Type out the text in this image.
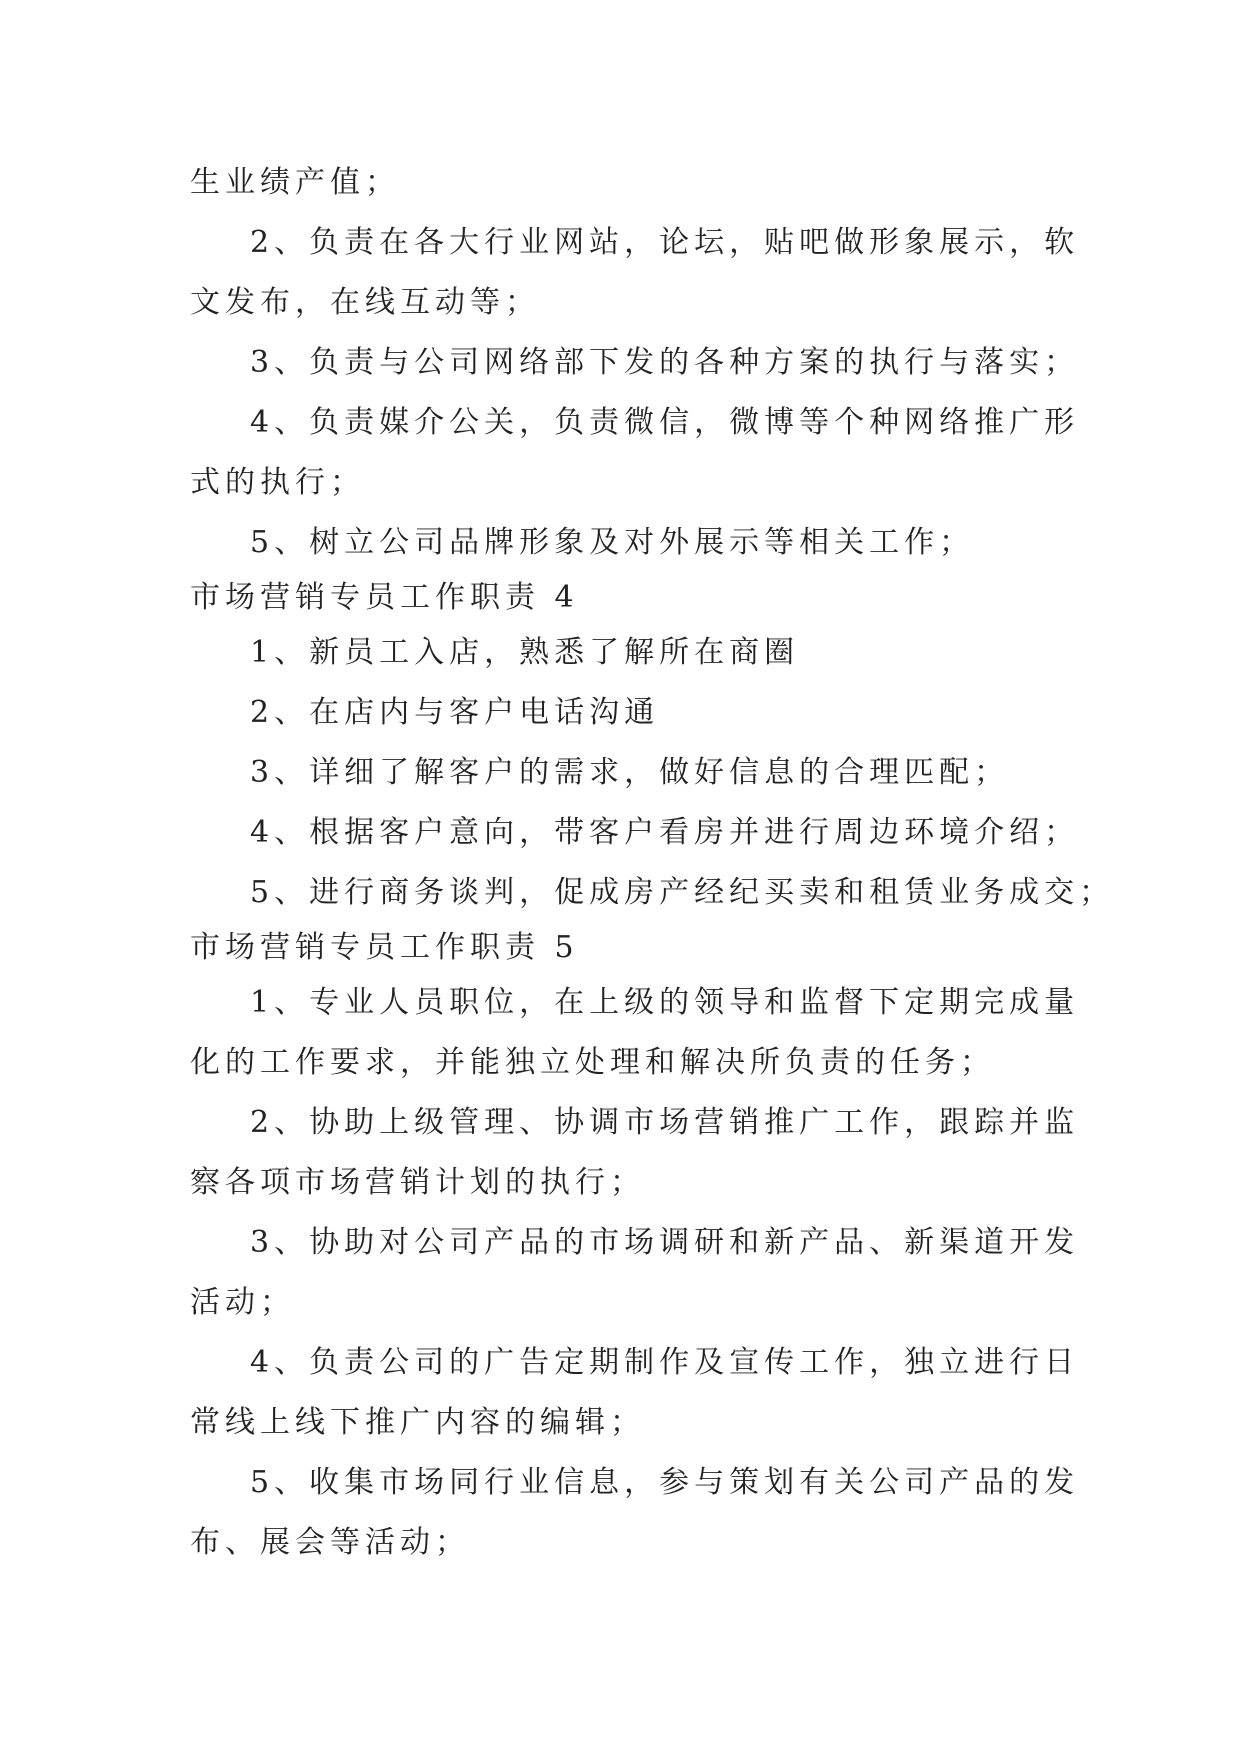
生业绩产值；
2、负责在各大行业网站，论坛，贴吧做形象展示，软
文发布，在线互动等；
3、负责与公司网络部下发的各种方案的执行与落实；
4、负责媒介公关，负责微信，微博等个种网络推广形
式的执行；
5、树立公司品牌形象及对外展示等相关工作；
市场营销专员工作职责 4
1、新员工入店，熟悉了解所在商圈
2、在店内与客户电话沟通
3、详细了解客户的需求，做好信息的合理匹配；
4、根据客户意向，带客户看房并进行周边环境介绍；
5、进行商务谈判，促成房产经纪买卖和租赁业务成交；
市场营销专员工作职责 5
1、专业人员职位，在上级的领导和监督下定期完成量
化的工作要求，并能独立处理和解决所负责的任务；
2、协助上级管理、协调市场营销推广工作，跟踪并监
察各项市场营销计划的执行；
3、协助对公司产品的市场调研和新产品、新渠道开发
活动；
4、负责公司的广告定期制作及宣传工作，独立进行日
常线上线下推广内容的编辑；
5、收集市场同行业信息，参与策划有关公司产品的发
布、展会等活动；
